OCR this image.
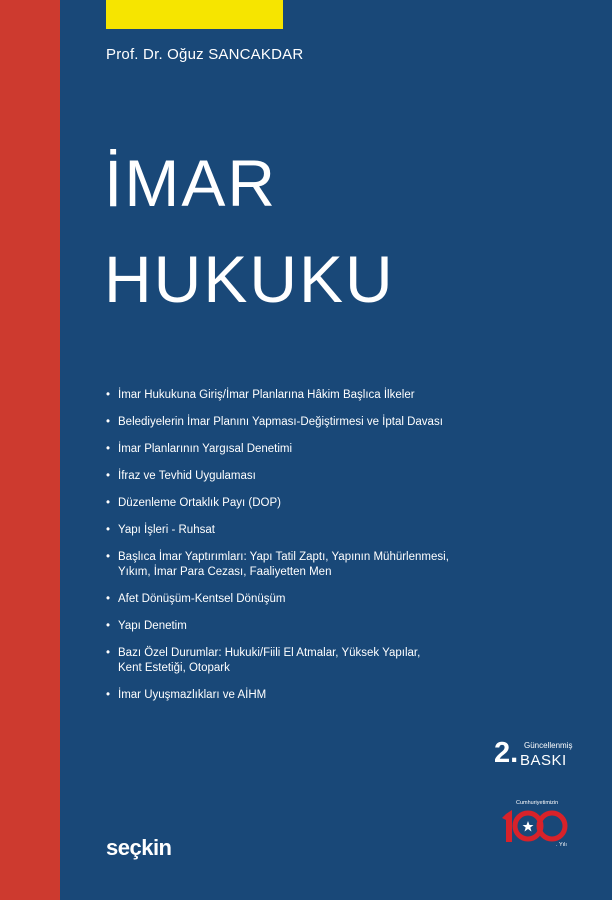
Prof. Dr. Oğuz SANCAKDAR
İMAR
HUKUKU
• İmar Hukukuna Giriş/İmar Planlarına Hâkim Başlıca İlkeler
• Belediyelerin İmar Planını Yapması-Değiştirmesi ve İptal Davası
• İmar Planlarının Yargısal Denetimi
• İfraz ve Tevhid Uygulaması
• Düzenleme Ortaklık Payı (DOP)
• Yapı İşleri - Ruhsat
• Başlıca İmar Yaptırımları: Yapı Tatil Zaptı, Yapının Mühürlenmesi, Yıkım, İmar Para Cezası, Faaliyetten Men
• Afet Dönüşüm-Kentsel Dönüşüm
• Yapı Denetim
• Bazı Özel Durumlar: Hukuki/Fiili El Atmalar, Yüksek Yapılar, Kent Estetiği, Otopark
• İmar Uyuşmazlıkları ve AİHM
2. Güncellenmiş
BASKI
Cumhuriyetimizin
. Yılı
seçkin
